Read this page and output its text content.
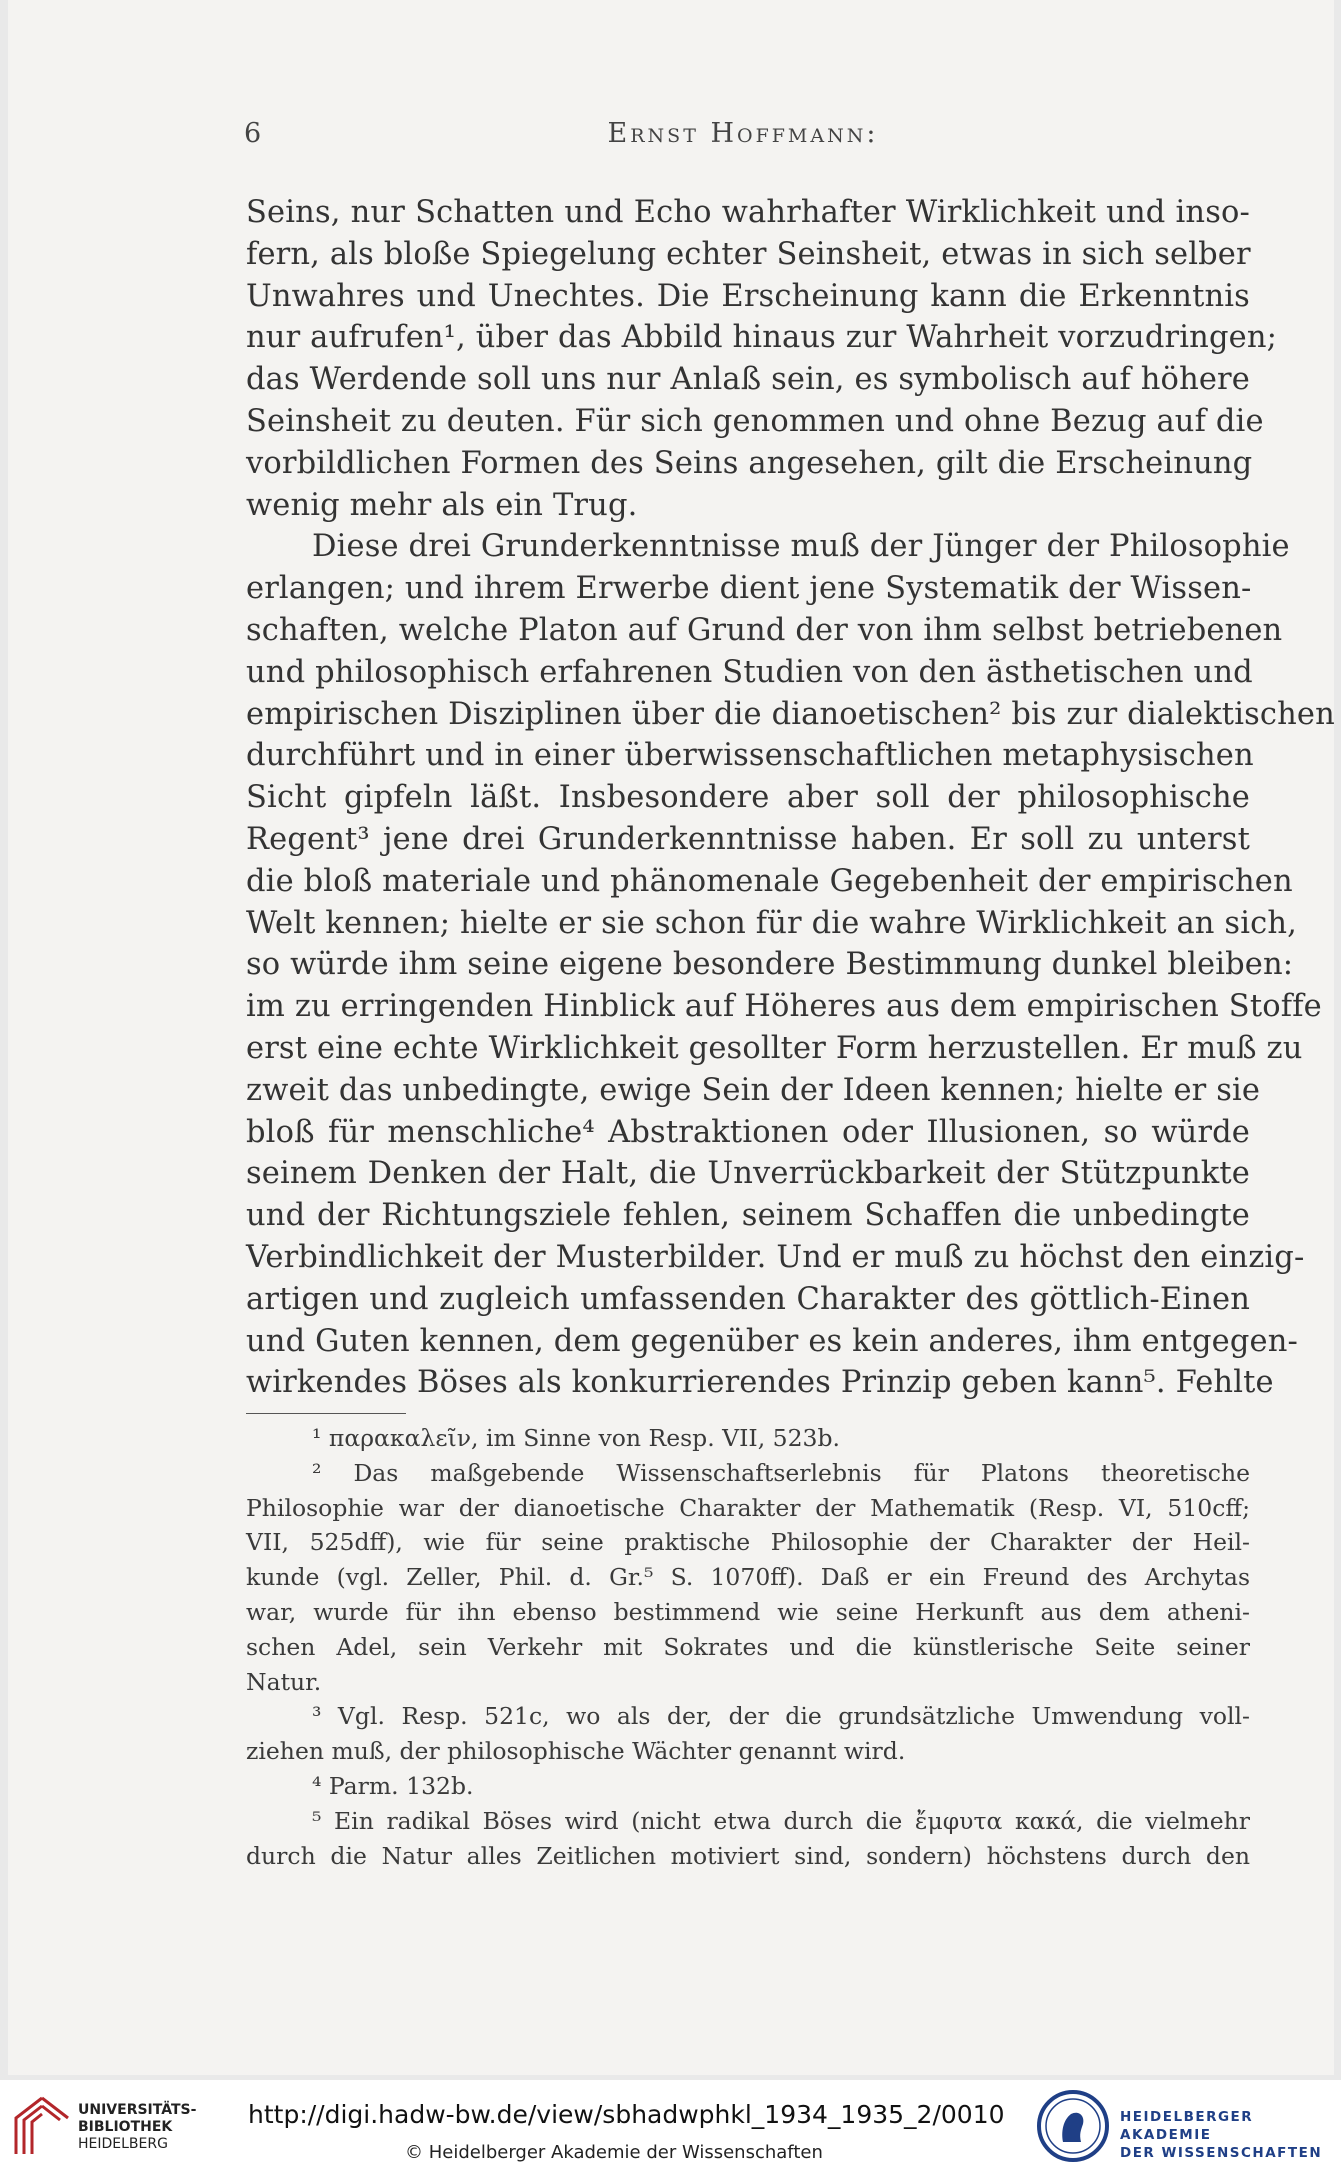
6	Ernst Hoffmann:
Seins, nur Schatten und Echo wahrhafter Wirklichkeit und inso-
fern, als bloße Spiegelung echter Seinsheit, etwas in sich selber
Unwahres und Unechtes. Die Erscheinung kann die Erkenntnis
nur aufrufen¹, über das Abbild hinaus zur Wahrheit vorzudringen;
das Werdende soll uns nur Anlaß sein, es symbolisch auf höhere
Seinsheit zu deuten. Für sich genommen und ohne Bezug auf die
vorbildlichen Formen des Seins angesehen, gilt die Erscheinung
wenig mehr als ein Trug.
Diese drei Grunderkenntnisse muß der Jünger der Philosophie
erlangen; und ihrem Erwerbe dient jene Systematik der Wissen-
schaften, welche Platon auf Grund der von ihm selbst betriebenen
und philosophisch erfahrenen Studien von den ästhetischen und
empirischen Disziplinen über die dianoetischen² bis zur dialektischen
durchführt und in einer überwissenschaftlichen metaphysischen
Sicht gipfeln läßt. Insbesondere aber soll der philosophische
Regent³ jene drei Grunderkenntnisse haben. Er soll zu unterst
die bloß materiale und phänomenale Gegebenheit der empirischen
Welt kennen; hielte er sie schon für die wahre Wirklichkeit an sich,
so würde ihm seine eigene besondere Bestimmung dunkel bleiben:
im zu erringenden Hinblick auf Höheres aus dem empirischen Stoffe
erst eine echte Wirklichkeit gesollter Form herzustellen. Er muß zu
zweit das unbedingte, ewige Sein der Ideen kennen; hielte er sie
bloß für menschliche⁴ Abstraktionen oder Illusionen, so würde
seinem Denken der Halt, die Unverrückbarkeit der Stützpunkte
und der Richtungsziele fehlen, seinem Schaffen die unbedingte
Verbindlichkeit der Musterbilder. Und er muß zu höchst den einzig-
artigen und zugleich umfassenden Charakter des göttlich-Einen
und Guten kennen, dem gegenüber es kein anderes, ihm entgegen-
wirkendes Böses als konkurrierendes Prinzip geben kann⁵. Fehlte
¹ παρακαλεῖν, im Sinne von Resp. VII, 523b.
² Das maßgebende Wissenschaftserlebnis für Platons theoretische
Philosophie war der dianoetische Charakter der Mathematik (Resp. VI, 510cff;
VII, 525dff), wie für seine praktische Philosophie der Charakter der Heil-
kunde (vgl. Zeller, Phil. d. Gr.⁵ S. 1070ff). Daß er ein Freund des Archytas
war, wurde für ihn ebenso bestimmend wie seine Herkunft aus dem atheni-
schen Adel, sein Verkehr mit Sokrates und die künstlerische Seite seiner
Natur.
³ Vgl. Resp. 521c, wo als der, der die grundsätzliche Umwendung voll-
ziehen muß, der philosophische Wächter genannt wird.
⁴ Parm. 132b.
⁵ Ein radikal Böses wird (nicht etwa durch die ἔμφυτα κακά, die vielmehr
durch die Natur alles Zeitlichen motiviert sind, sondern) höchstens durch den
UNIVERSITÄTS-
BIBLIOTHEK
HEIDELBERG
http://digi.hadw-bw.de/view/sbhadwphkl_1934_1935_2/0010
© Heidelberger Akademie der Wissenschaften
HEIDELBERGER AKADEMIE
DER WISSENSCHAFTEN
